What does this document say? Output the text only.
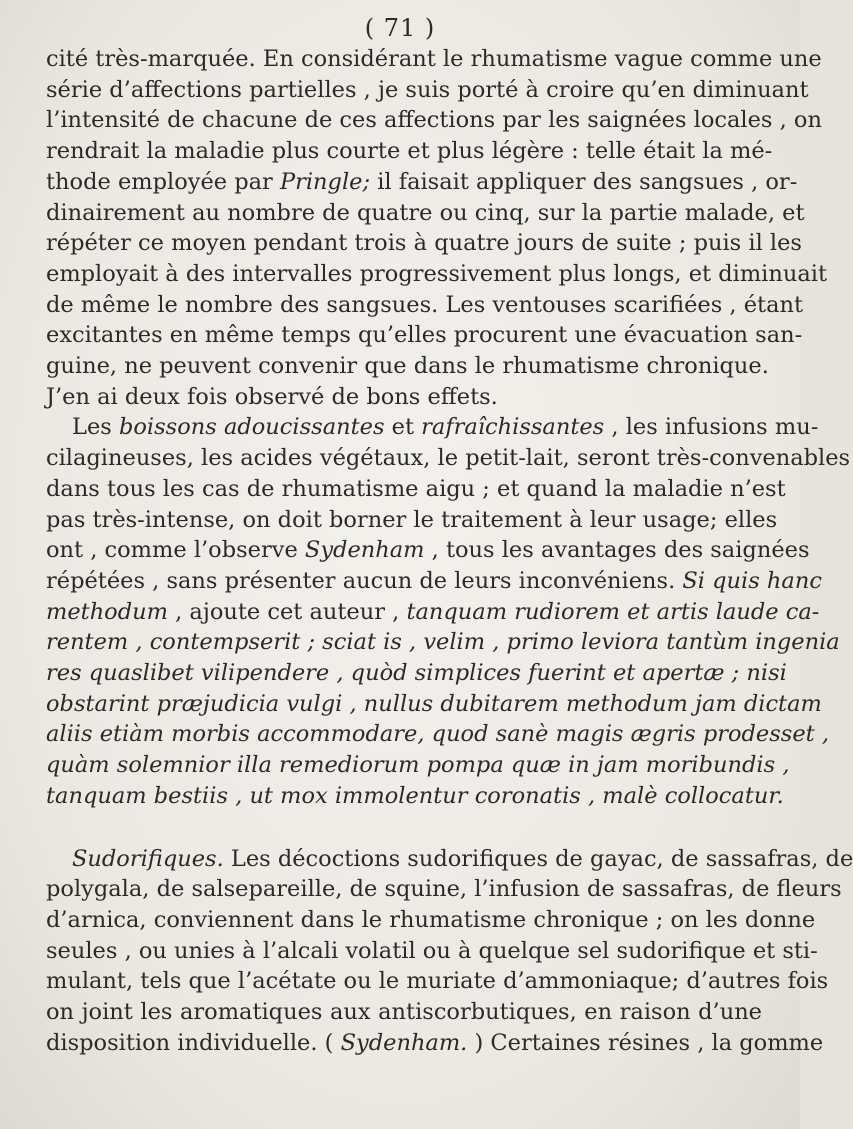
( 71 )
cité très-marquée. En considérant le rhumatisme vague comme une
série d’affections partielles , je suis porté à croire qu’en diminuant
l’intensité de chacune de ces affections par les saignées locales , on
rendrait la maladie plus courte et plus légère : telle était la mé-
thode employée par Pringle; il faisait appliquer des sangsues , or-
dinairement au nombre de quatre ou cinq, sur la partie malade, et
répéter ce moyen pendant trois à quatre jours de suite ; puis il les
employait à des intervalles progressivement plus longs, et diminuait
de même le nombre des sangsues. Les ventouses scarifiées , étant
excitantes en même temps qu’elles procurent une évacuation san-
guine, ne peuvent convenir que dans le rhumatisme chronique.
J’en ai deux fois observé de bons effets.
Les boissons adoucissantes et rafraîchissantes , les infusions mu-
cilagineuses, les acides végétaux, le petit-lait, seront très-convenables
dans tous les cas de rhumatisme aigu ; et quand la maladie n’est
pas très-intense, on doit borner le traitement à leur usage; elles
ont , comme l’observe Sydenham , tous les avantages des saignées
répétées , sans présenter aucun de leurs inconvéniens. Si quis hanc
methodum , ajoute cet auteur , tanquam rudiorem et artis laude ca-
rentem , contempserit ; sciat is , velim , primo leviora tantùm ingenia
res quaslibet vilipendere , quòd simplices fuerint et apertæ ; nisi
obstarint præjudicia vulgi , nullus dubitarem methodum jam dictam
aliis etiàm morbis accommodare, quod sanè magis ægris prodesset ,
quàm solemnior illa remediorum pompa quæ in jam moribundis ,
tanquam bestiis , ut mox immolentur coronatis , malè collocatur.
Sudorifiques. Les décoctions sudorifiques de gayac, de sassafras, de
polygala, de salsepareille, de squine, l’infusion de sassafras, de fleurs
d’arnica, conviennent dans le rhumatisme chronique ; on les donne
seules , ou unies à l’alcali volatil ou à quelque sel sudorifique et sti-
mulant, tels que l’acétate ou le muriate d’ammoniaque; d’autres fois
on joint les aromatiques aux antiscorbutiques, en raison d’une
disposition individuelle. ( Sydenham. ) Certaines résines , la gomme
